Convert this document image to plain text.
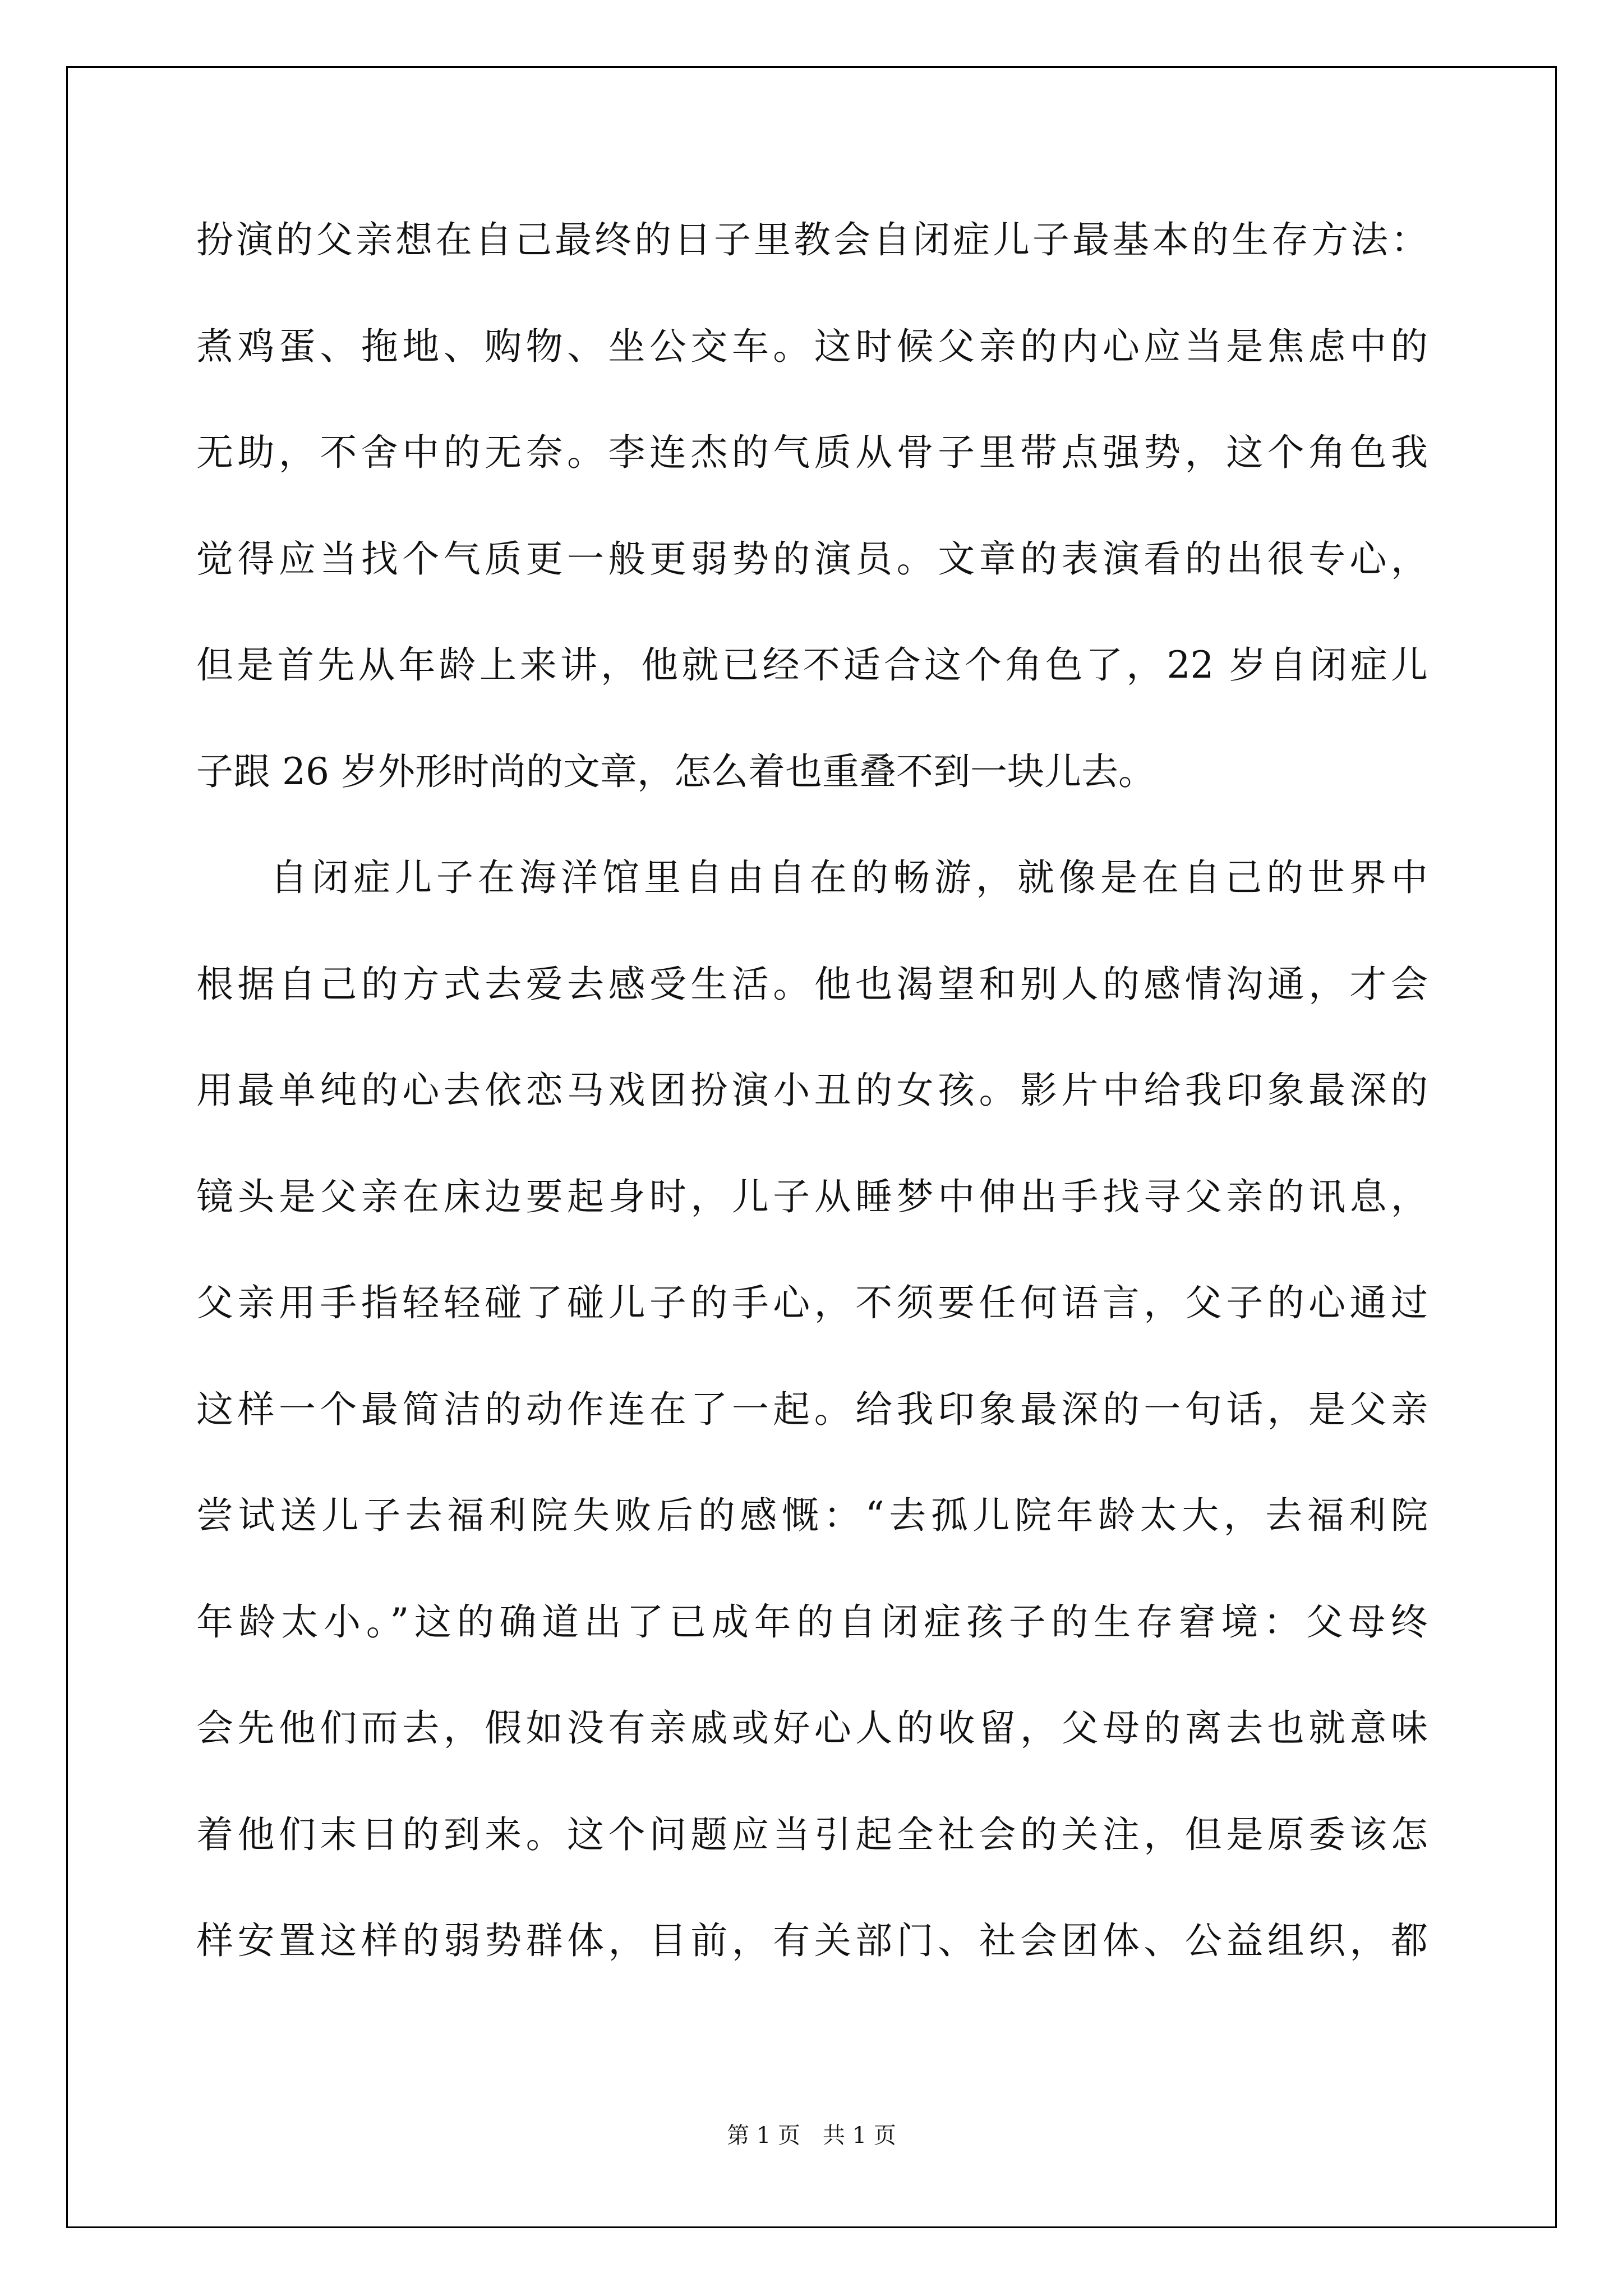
扮演的父亲想在自己最终的日子里教会自闭症儿子最基本的生存方法：
煮鸡蛋、拖地、购物、坐公交车。这时候父亲的内心应当是焦虑中的
无助，不舍中的无奈。李连杰的气质从骨子里带点强势，这个角色我
觉得应当找个气质更一般更弱势的演员。文章的表演看的出很专心，
但是首先从年龄上来讲，他就已经不适合这个角色了，22 岁自闭症儿
子跟 26 岁外形时尚的文章，怎么着也重叠不到一块儿去。
自闭症儿子在海洋馆里自由自在的畅游，就像是在自己的世界中
根据自己的方式去爱去感受生活。他也渴望和别人的感情沟通，才会
用最单纯的心去依恋马戏团扮演小丑的女孩。影片中给我印象最深的
镜头是父亲在床边要起身时，儿子从睡梦中伸出手找寻父亲的讯息，
父亲用手指轻轻碰了碰儿子的手心，不须要任何语言，父子的心通过
这样一个最简洁的动作连在了一起。给我印象最深的一句话，是父亲
尝试送儿子去福利院失败后的感慨：“去孤儿院年龄太大，去福利院
年龄太小。”这的确道出了已成年的自闭症孩子的生存窘境：父母终
会先他们而去，假如没有亲戚或好心人的收留，父母的离去也就意味
着他们末日的到来。这个问题应当引起全社会的关注，但是原委该怎
样安置这样的弱势群体，目前，有关部门、社会团体、公益组织，都
第 1 页 共 1 页
